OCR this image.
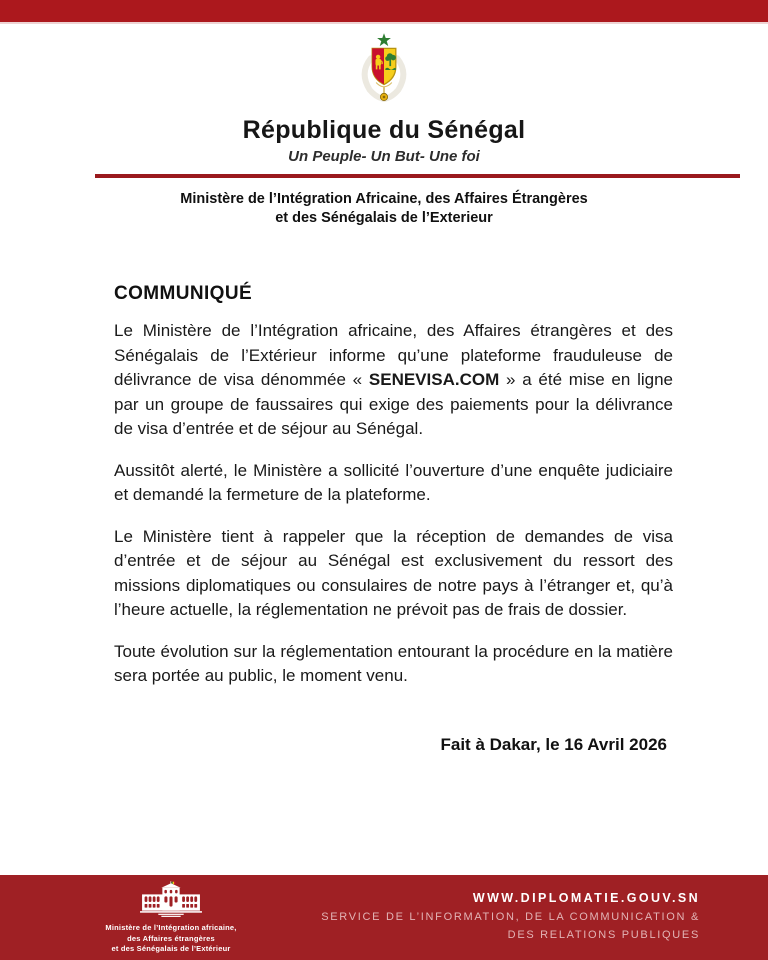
République du Sénégal
Un Peuple- Un But- Une foi
Ministère de l’Intégration Africaine, des Affaires Étrangères
et des Sénégalais de l’Exterieur
COMMUNIQUÉ

Le Ministère de l’Intégration africaine, des Affaires étrangères et des Sénégalais de l’Extérieur informe qu’une plateforme frauduleuse de délivrance de visa dénommée « SENEVISA.COM » a été mise en ligne par un groupe de faussaires qui exige des paiements pour la délivrance de visa d’entrée et de séjour au Sénégal.

Aussitôt alerté, le Ministère a sollicité l’ouverture d’une enquête judiciaire et demandé la fermeture de la plateforme.

Le Ministère tient à rappeler que la réception de demandes de visa d’entrée et de séjour au Sénégal est exclusivement du ressort des missions diplomatiques ou consulaires de notre pays à l’étranger et, qu’à l’heure actuelle, la réglementation ne prévoit pas de frais de dossier.

Toute évolution sur la réglementation entourant la procédure en la matière sera portée au public, le moment venu.

Fait à Dakar, le 16 Avril 2026
Ministère de l’Intégration africaine,
des Affaires étrangères
et des Sénégalais de l’Extérieur
WWW.DIPLOMATIE.GOUV.SN
SERVICE DE L’INFORMATION, DE LA COMMUNICATION &
DES RELATIONS PUBLIQUES
